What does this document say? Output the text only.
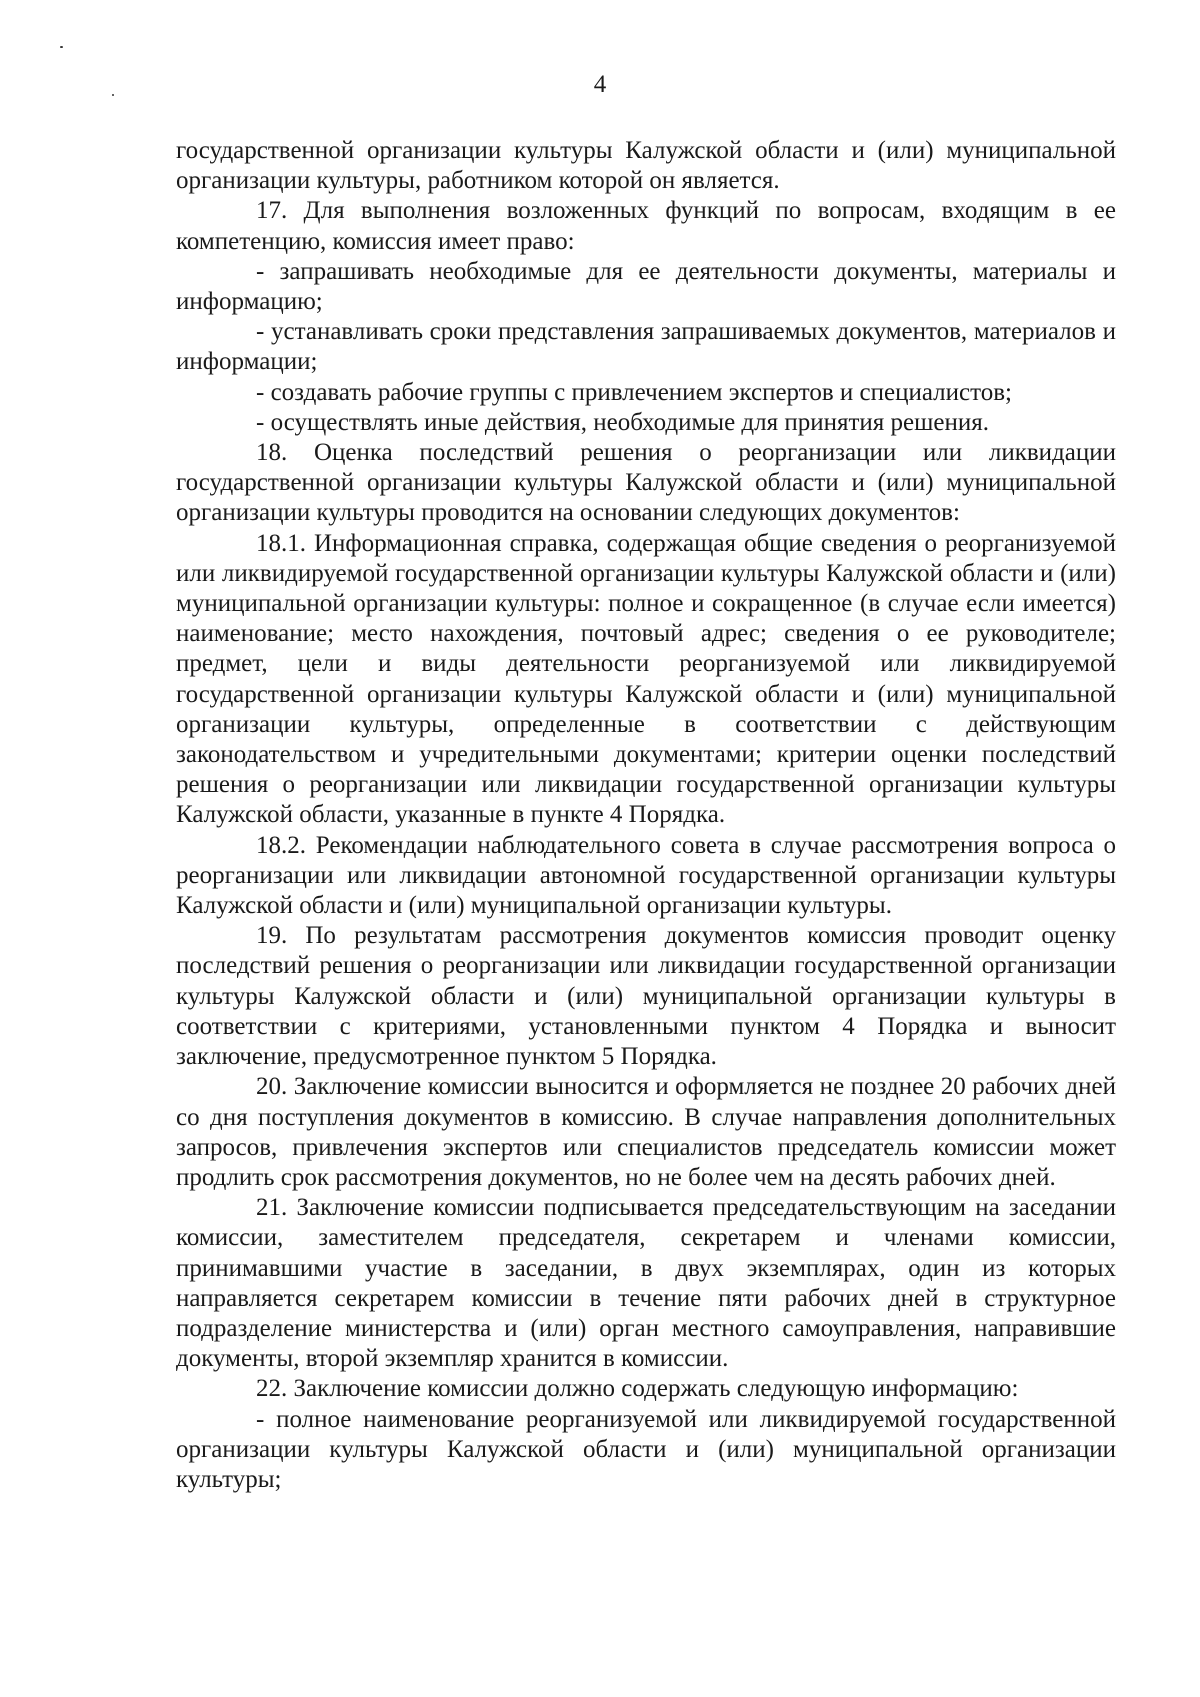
4

государственной организации культуры Калужской области и (или) муниципальной организации культуры, работником которой он является.

17. Для выполнения возложенных функций по вопросам, входящим в ее компетенцию, комиссия имеет право:

- запрашивать необходимые для ее деятельности документы, материалы и информацию;

- устанавливать сроки представления запрашиваемых документов, материалов и информации;

- создавать рабочие группы с привлечением экспертов и специалистов;

- осуществлять иные действия, необходимые для принятия решения.

18. Оценка последствий решения о реорганизации или ликвидации государственной организации культуры Калужской области и (или) муниципальной организации культуры проводится на основании следующих документов:

18.1. Информационная справка, содержащая общие сведения о реорганизуемой или ликвидируемой государственной организации культуры Калужской области и (или) муниципальной организации культуры: полное и сокращенное (в случае если имеется) наименование; место нахождения, почтовый адрес; сведения о ее руководителе; предмет, цели и виды деятельности реорганизуемой или ликвидируемой государственной организации культуры Калужской области и (или) муниципальной организации культуры, определенные в соответствии с действующим законодательством и учредительными документами; критерии оценки последствий решения о реорганизации или ликвидации государственной организации культуры Калужской области, указанные в пункте 4 Порядка.

18.2. Рекомендации наблюдательного совета в случае рассмотрения вопроса о реорганизации или ликвидации автономной государственной организации культуры Калужской области и (или) муниципальной организации культуры.

19. По результатам рассмотрения документов комиссия проводит оценку последствий решения о реорганизации или ликвидации государственной организации культуры Калужской области и (или) муниципальной организации культуры в соответствии с критериями, установленными пунктом 4 Порядка и выносит заключение, предусмотренное пунктом 5 Порядка.

20. Заключение комиссии выносится и оформляется не позднее 20 рабочих дней со дня поступления документов в комиссию. В случае направления дополнительных запросов, привлечения экспертов или специалистов председатель комиссии может продлить срок рассмотрения документов, но не более чем на десять рабочих дней.

21. Заключение комиссии подписывается председательствующим на заседании комиссии, заместителем председателя, секретарем и членами комиссии, принимавшими участие в заседании, в двух экземплярах, один из которых направляется секретарем комиссии в течение пяти рабочих дней в структурное подразделение министерства и (или) орган местного самоуправления, направившие документы, второй экземпляр хранится в комиссии.

22. Заключение комиссии должно содержать следующую информацию:

- полное наименование реорганизуемой или ликвидируемой государственной организации культуры Калужской области и (или) муниципальной организации культуры;
